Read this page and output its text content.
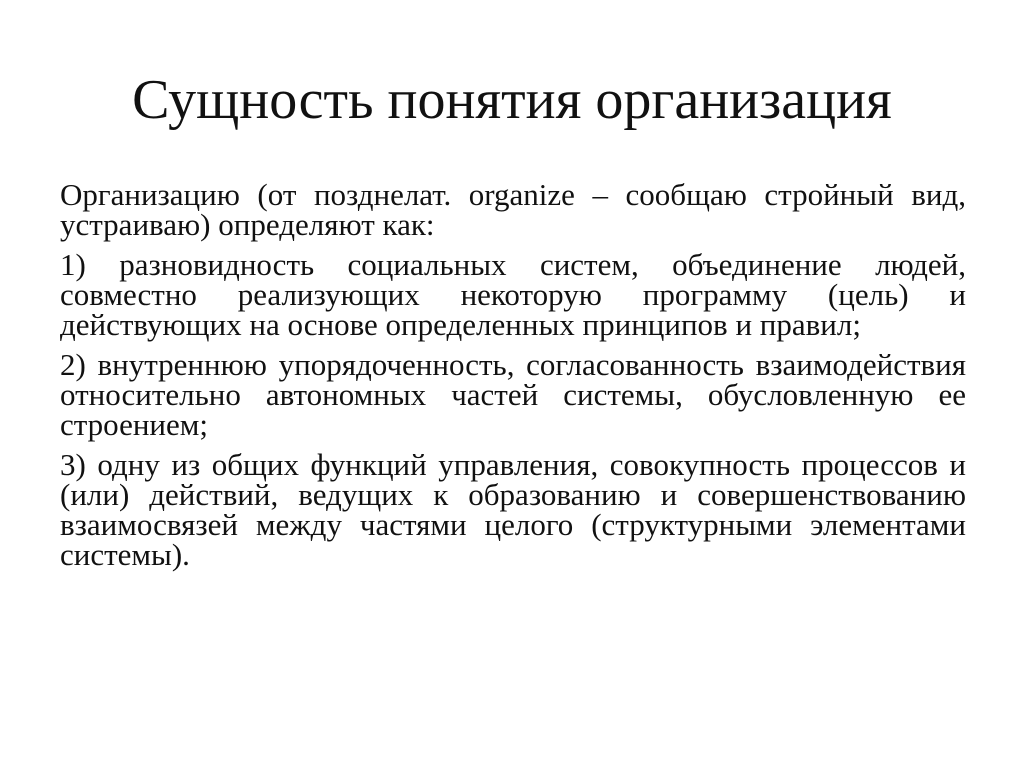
Сущность понятия организация

Организацию (от позднелат. organize – сообщаю стройный вид, устраиваю) определяют как:

1) разновидность социальных систем, объединение людей, совместно реализующих некоторую программу (цель) и действующих на основе определенных принципов и правил;

2) внутреннюю упорядоченность, согласованность взаимодействия относительно автономных частей системы, обусловленную ее строением;

3) одну из общих функций управления, совокупность процессов и (или) действий, ведущих к образованию и совершенствованию взаимосвязей между частями целого (структурными элементами системы).
